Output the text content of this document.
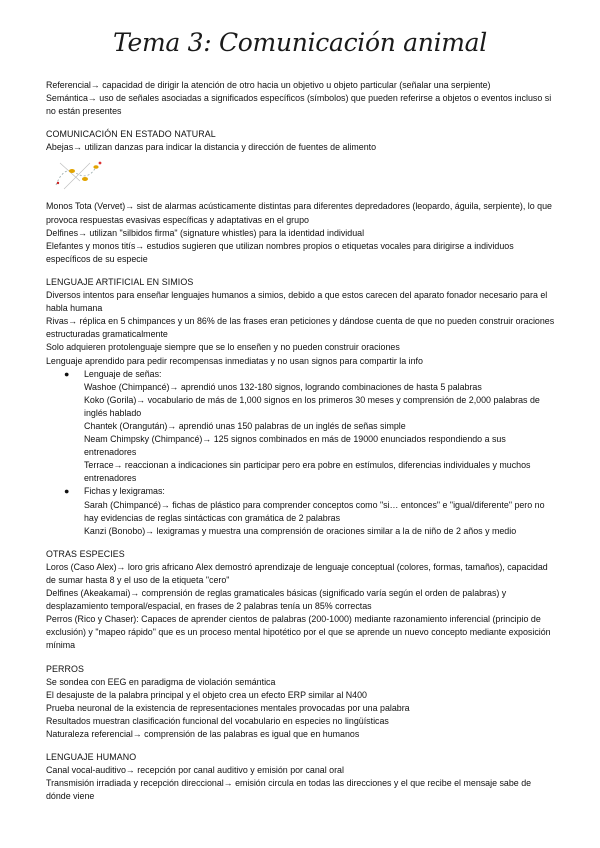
Tema 3: Comunicación animal

Referencial→ capacidad de dirigir la atención de otro hacia un objetivo u objeto particular (señalar una serpiente)

Semántica→ uso de señales asociadas a significados específicos (símbolos) que pueden referirse a objetos o eventos incluso si no están presentes

COMUNICACIÓN EN ESTADO NATURAL

Abejas→ utilizan danzas para indicar la distancia y dirección de fuentes de alimento

Monos Tota (Vervet)→ sist de alarmas acústicamente distintas para diferentes depredadores (leopardo, águila, serpiente), lo que provoca respuestas evasivas específicas y adaptativas en el grupo

Delfines→ utilizan "silbidos firma" (signature whistles) para la identidad individual

Elefantes y monos titís→ estudios sugieren que utilizan nombres propios o etiquetas vocales para dirigirse a individuos específicos de su especie

LENGUAJE ARTIFICIAL EN SIMIOS

Diversos intentos para enseñar lenguajes humanos a simios, debido a que estos carecen del aparato fonador necesario para el habla humana

Rivas→ réplica en 5 chimpances y un 86% de las frases eran peticiones y dándose cuenta de que no pueden construir oraciones estructuradas gramaticalmente

Solo adquieren protolenguaje siempre que se lo enseñen y no pueden construir oraciones

Lenguaje aprendido para pedir recompensas inmediatas y no usan signos para compartir la info

● Lenguaje de señas:

Washoe (Chimpancé)→ aprendió unos 132-180 signos, logrando combinaciones de hasta 5 palabras

Koko (Gorila)→ vocabulario de más de 1,000 signos en los primeros 30 meses y comprensión de 2,000 palabras de inglés hablado

Chantek (Orangután)→ aprendió unas 150 palabras de un inglés de señas simple

Neam Chimpsky (Chimpancé)→ 125 signos combinados en más de 19000 enunciados respondiendo a sus entrenadores

Terrace→ reaccionan a indicaciones sin participar pero era pobre en estímulos, diferencias individuales y muchos entrenadores

● Fichas y lexigramas:

Sarah (Chimpancé)→ fichas de plástico para comprender conceptos como "si… entonces" e "igual/diferente" pero no hay evidencias de reglas sintácticas con gramática de 2 palabras

Kanzi (Bonobo)→ lexigramas y muestra una comprensión de oraciones similar a la de niño de 2 años y medio

OTRAS ESPECIES

Loros (Caso Alex)→ loro gris africano Alex demostró aprendizaje de lenguaje conceptual (colores, formas, tamaños), capacidad de sumar hasta 8 y el uso de la etiqueta "cero"

Delfines (Akeakamai)→ comprensión de reglas gramaticales básicas (significado varía según el orden de palabras) y desplazamiento temporal/espacial, en frases de 2 palabras tenía un 85% correctas

Perros (Rico y Chaser): Capaces de aprender cientos de palabras (200-1000) mediante razonamiento inferencial (principio de exclusión) y "mapeo rápido" que es un proceso mental hipotético por el que se aprende un nuevo concepto mediante exposición mínima

PERROS

Se sondea con EEG en paradigma de violación semántica

El desajuste de la palabra principal y el objeto crea un efecto ERP similar al N400

Prueba neuronal de la existencia de representaciones mentales provocadas por una palabra

Resultados muestran clasificación funcional del vocabulario en especies no lingüísticas

Naturaleza referencial→ comprensión de las palabras es igual que en humanos

LENGUAJE HUMANO

Canal vocal-auditivo→ recepción por canal auditivo y emisión por canal oral

Transmisión irradiada y recepción direccional→ emisión circula en todas las direcciones y el que recibe el mensaje sabe de dónde viene
